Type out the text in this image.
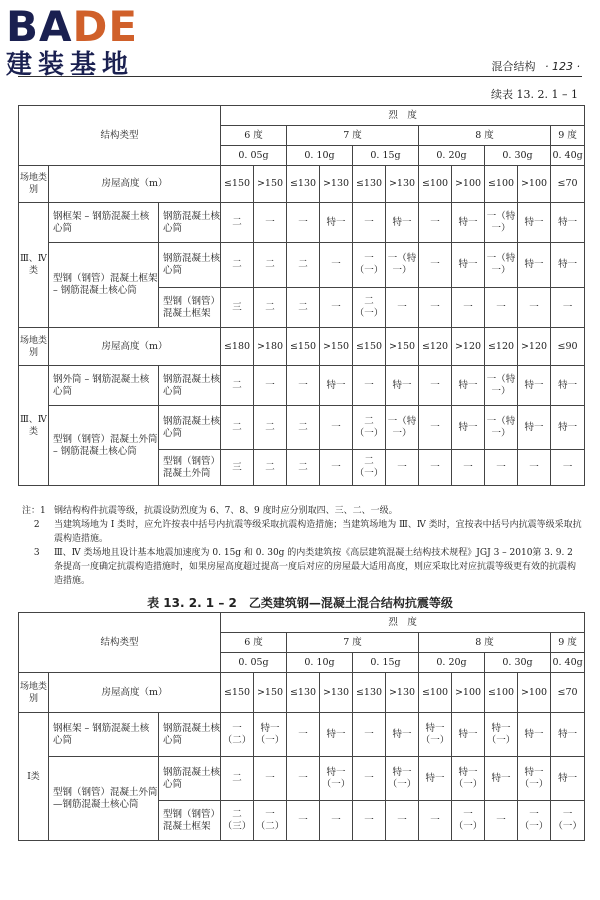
BADE
建装基地	混合结构 · 123 ·
续表 13. 2. 1 – 1
结构类型			烈　度										
			6 度		7 度				8 度				9 度
			0. 05g		0. 10g		0. 15g		0. 20g		0. 30g		0. 40g
场地类别	房屋高度（m）		≤150	>150	≤130	>130	≤130	>130	≤100	>100	≤100	>100	≤70
Ⅲ、Ⅳ类	钢框架 – 钢筋混凝土核心筒	钢筋混凝土核心筒	二	一	一	特一	一	特一	一	特一	一（特一）	特一	特一
	型钢（钢管）混凝土框架 – 钢筋混凝土核心筒	钢筋混凝土核心筒	二	二	二	一	一（一）	一（特一）	一	特一	一（特一）	特一	特一
		型钢（钢管）混凝土框架	三	二	二	一	二（一）	一	一	一	一	一	一
场地类别	房屋高度（m）		≤180	>180	≤150	>150	≤150	>150	≤120	>120	≤120	>120	≤90
Ⅲ、Ⅳ类	钢外筒 – 钢筋混凝土核心筒	钢筋混凝土核心筒	二	一	一	特一	一	特一	一	特一	一（特一）	特一	特一
	型钢（钢管）混凝土外筒 – 钢筋混凝土核心筒	钢筋混凝土核心筒	二	二	二	一	二（一）	一（特一）	一	特一	一（特一）	特一	特一
		型钢（钢管）混凝土外筒	三	二	二	一	二（一）	一	一	一	一	一	一
注：1 钢结构构件抗震等级，抗震设防烈度为 6、7、8、9 度时应分别取四、三、二、一级。
　 2	当建筑场地为 Ⅰ 类时，应允许按表中括号内抗震等级采取抗震构造措施；当建筑场地为 Ⅲ、Ⅳ 类时，宜按表中括号内抗震等级采取抗震构造措施。
　 3	Ⅲ、Ⅳ 类场地且设计基本地震加速度为 0. 15g 和 0. 30g 的内类建筑按《高层建筑混凝土结构技术规程》JGJ 3 – 2010第 3. 9. 2 条提高一度确定抗震构造措施时，如果房屋高度超过提高一度后对应的房屋最大适用高度，则应采取比对应抗震等级更有效的抗震构造措施。
表 13. 2. 1 – 2　乙类建筑钢—混凝土混合结构抗震等级
结构类型			烈　度										
			6 度		7 度				8 度				9 度
			0. 05g		0. 10g		0. 15g		0. 20g		0. 30g		0. 40g
场地类别	房屋高度（m）		≤150	>150	≤130	>130	≤130	>130	≤100	>100	≤100	>100	≤70
Ⅰ类	钢框架 – 钢筋混凝土核心筒	钢筋混凝土核心筒	一（二）	特一（一）	一	特一	一	特一	特一（一）	特一	特一（一）	特一	特一
	型钢（钢管）混凝土外筒—钢筋混凝土核心筒	钢筋混凝土核心筒	二	一	一	特一（一）	一	特一（一）	特一	特一（一）	特一	特一（一）	特一
		型钢（钢管）混凝土框架	二（三）	一（二）	一	一	一	一	一	一（一）	一	一（一）	一（一）
